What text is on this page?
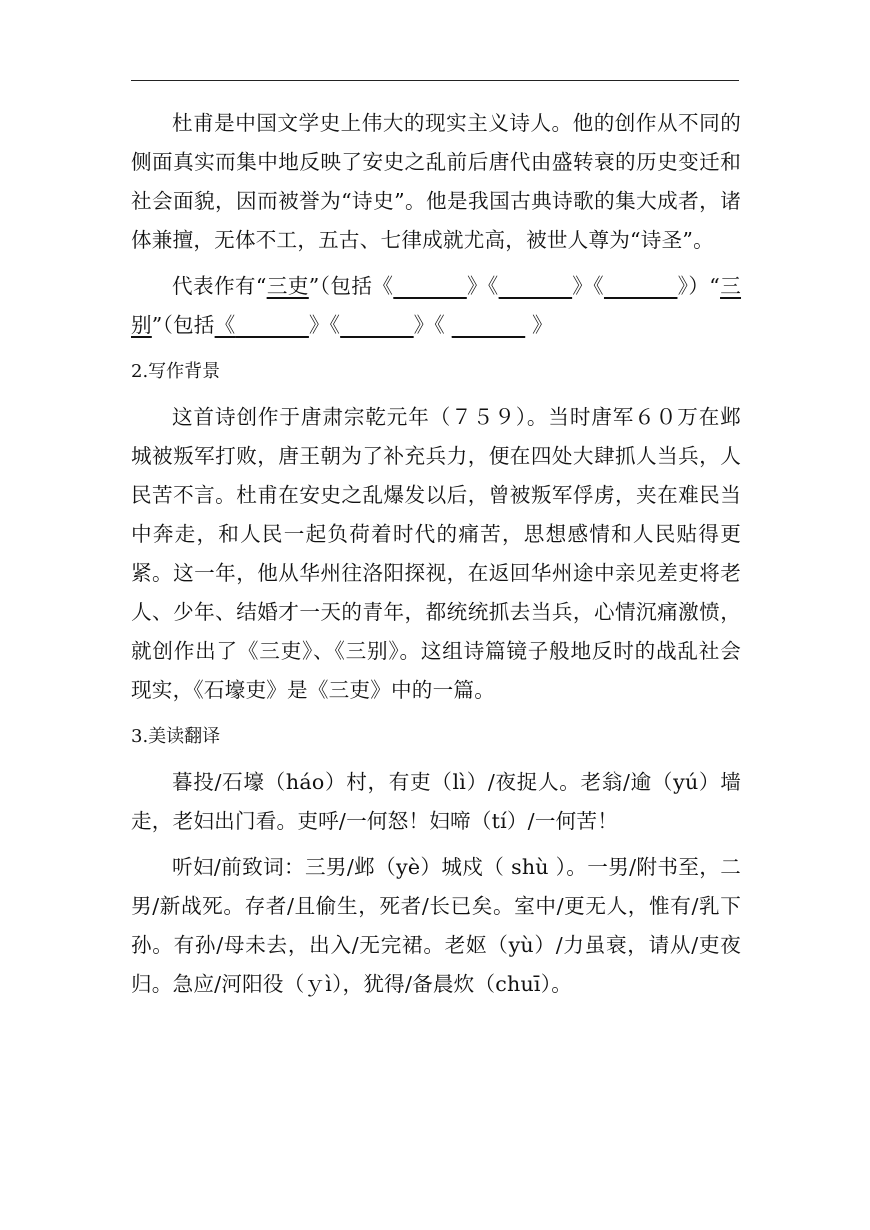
杜甫是中国文学史上伟大的现实主义诗人。他的创作从不同的侧面真实而集中地反映了安史之乱前后唐代由盛转衰的历史变迁和社会面貌，因而被誉为“诗史”。他是我国古典诗歌的集大成者，诸体兼擅，无体不工，五古、七律成就尤高，被世人尊为“诗圣”。

代表作有“三吏”（包括《_______》《_______》《_______》）“三别”（包括《_______》《_______》《 _______ 》

2.写作背景

这首诗创作于唐肃宗乾元年（７５９）。当时唐军６０万在邺城被叛军打败，唐王朝为了补充兵力，便在四处大肆抓人当兵，人民苦不言。杜甫在安史之乱爆发以后，曾被叛军俘虏，夹在难民当中奔走，和人民一起负荷着时代的痛苦，思想感情和人民贴得更紧。这一年，他从华州往洛阳探视，在返回华州途中亲见差吏将老人、少年、结婚才一天的青年，都统统抓去当兵，心情沉痛激愤，就创作出了《三吏》、《三别》。这组诗篇镜子般地反时的战乱社会现实，《石壕吏》是《三吏》中的一篇。

3.美读翻译

暮投/石壕（háo）村，有吏（lì）/夜捉人。老翁/逾（yú）墙走，老妇出门看。吏呼/一何怒！妇啼（tí）/一何苦！

听妇/前致词：三男/邺（yè）城戍（ shù ）。一男/附书至，二男/新战死。存者/且偷生，死者/长已矣。室中/更无人，惟有/乳下孙。有孙/母未去，出入/无完裙。老妪（yù）/力虽衰，请从/吏夜归。急应/河阳役（ｙì），犹得/备晨炊（chuī）。
